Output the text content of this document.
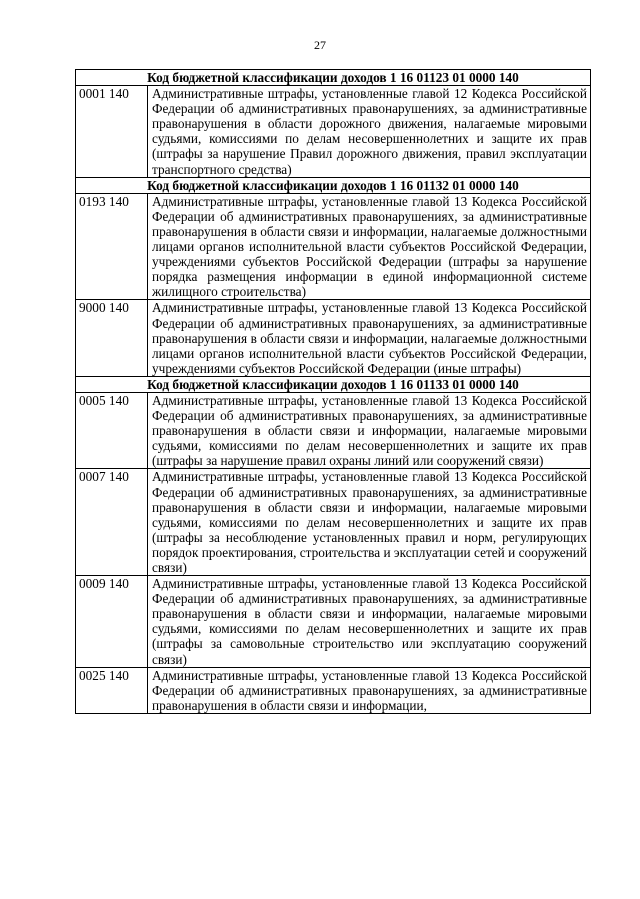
27
Код бюджетной классификации доходов 1 16 01123 01 0000 140	
0001 140	Административные штрафы, установленные главой 12 Кодекса Российской Федерации об административных правонарушениях, за административные правонарушения в области дорожного движения, налагаемые мировыми судьями, комиссиями по делам несовершеннолетних и защите их прав (штрафы за нарушение Правил дорожного движения, правил эксплуатации транспортного средства)
Код бюджетной классификации доходов 1 16 01132 01 0000 140	
0193 140	Административные штрафы, установленные главой 13 Кодекса Российской Федерации об административных правонарушениях, за административные правонарушения в области связи и информации, налагаемые должностными лицами органов исполнительной власти субъектов Российской Федерации, учреждениями субъектов Российской Федерации (штрафы за нарушение порядка размещения информации в единой информационной системе жилищного строительства)
9000 140	Административные штрафы, установленные главой 13 Кодекса Российской Федерации об административных правонарушениях, за административные правонарушения в области связи и информации, налагаемые должностными лицами органов исполнительной власти субъектов Российской Федерации, учреждениями субъектов Российской Федерации (иные штрафы)
Код бюджетной классификации доходов 1 16 01133 01 0000 140	
0005 140	Административные штрафы, установленные главой 13 Кодекса Российской Федерации об административных правонарушениях, за административные правонарушения в области связи и информации, налагаемые мировыми судьями, комиссиями по делам несовершеннолетних и защите их прав (штрафы за нарушение правил охраны линий или сооружений связи)
0007 140	Административные штрафы, установленные главой 13 Кодекса Российской Федерации об административных правонарушениях, за административные правонарушения в области связи и информации, налагаемые мировыми судьями, комиссиями по делам несовершеннолетних и защите их прав (штрафы за несоблюдение установленных правил и норм, регулирующих порядок проектирования, строительства и эксплуатации сетей и сооружений связи)
0009 140	Административные штрафы, установленные главой 13 Кодекса Российской Федерации об административных правонарушениях, за административные правонарушения в области связи и информации, налагаемые мировыми судьями, комиссиями по делам несовершеннолетних и защите их прав (штрафы за самовольные строительство или эксплуатацию сооружений связи)
0025 140	Административные штрафы, установленные главой 13 Кодекса Российской Федерации об административных правонарушениях, за административные правонарушения в области связи и информации,
